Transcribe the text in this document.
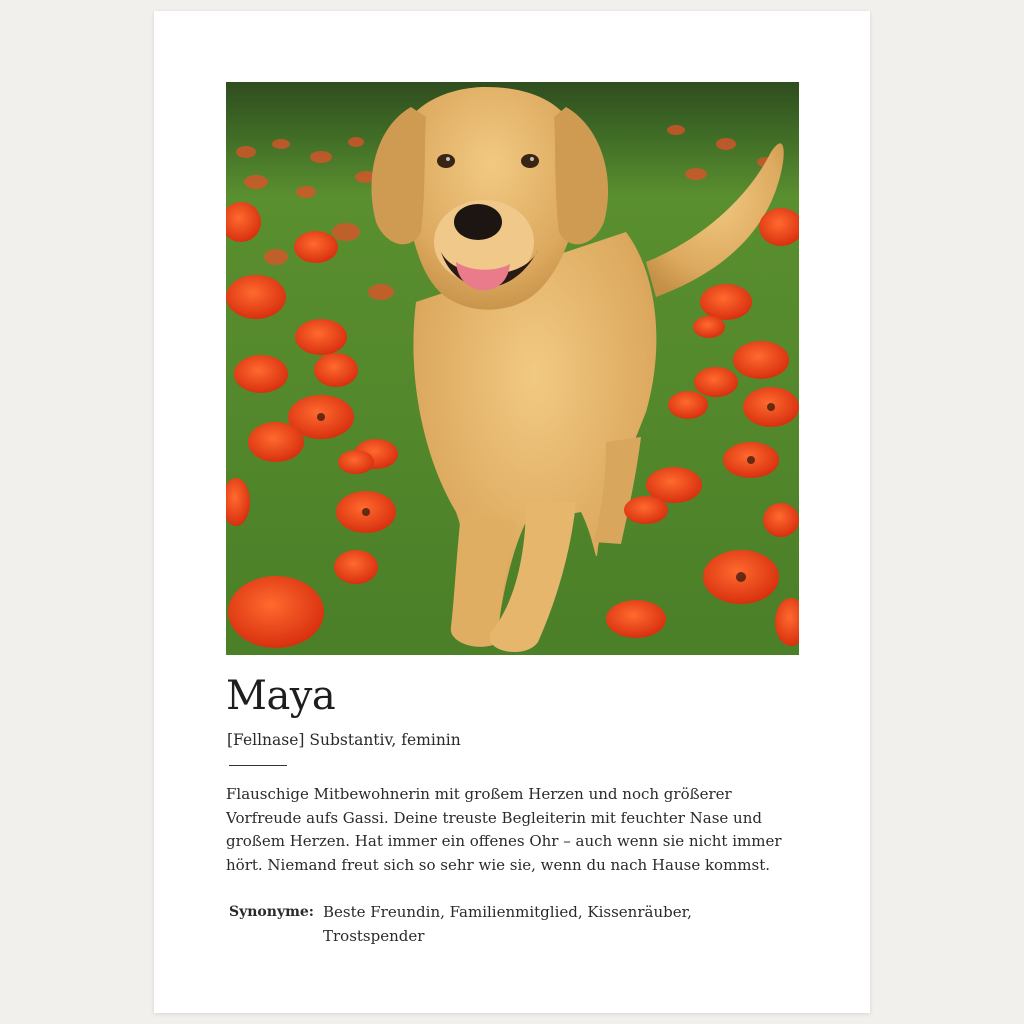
Maya
[Fellnase] Substantiv, feminin

Flauschige Mitbewohnerin mit großem Herzen und noch größerer
Vorfreude aufs Gassi. Deine treuste Begleiterin mit feuchter Nase und
großem Herzen. Hat immer ein offenes Ohr – auch wenn sie nicht immer
hört. Niemand freut sich so sehr wie sie, wenn du nach Hause kommst.

Synonyme: Beste Freundin, Familienmitglied, Kissenräuber,
Trostspender
